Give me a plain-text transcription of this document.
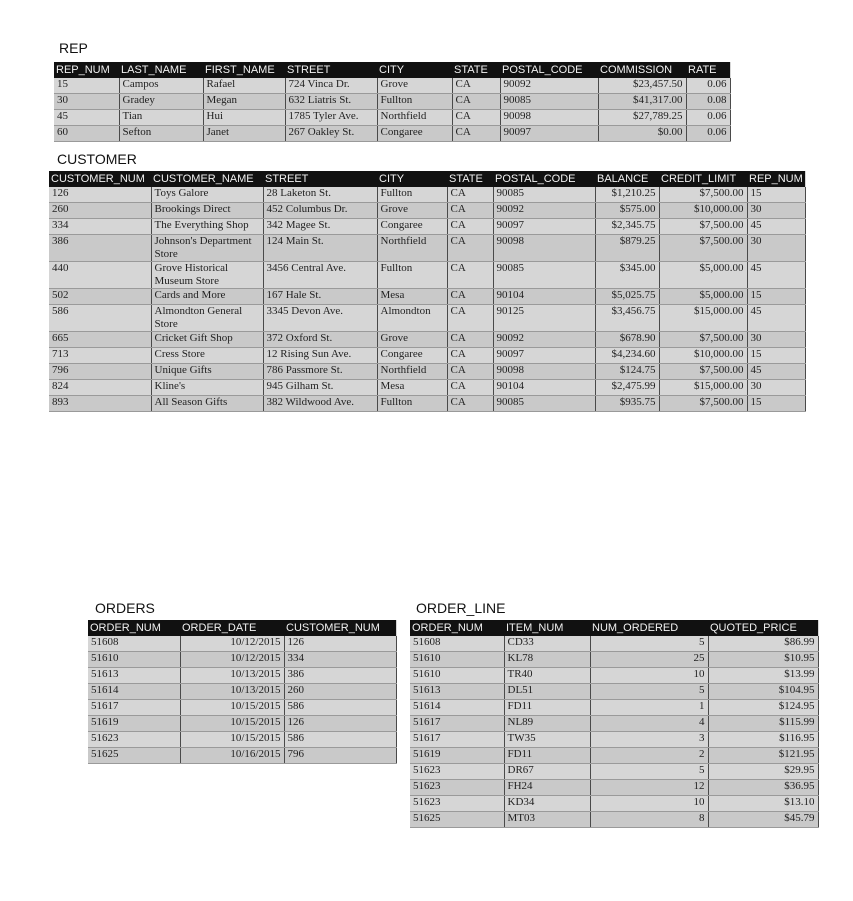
REP
REP_NUM	LAST_NAME	FIRST_NAME	STREET	CITY	STATE	POSTAL_CODE	COMMISSION	RATE
15	Campos	Rafael	724 Vinca Dr.	Grove	CA	90092	$23,457.50	0.06
30	Gradey	Megan	632 Liatris St.	Fullton	CA	90085	$41,317.00	0.08
45	Tian	Hui	1785 Tyler Ave.	Northfield	CA	90098	$27,789.25	0.06
60	Sefton	Janet	267 Oakley St.	Congaree	CA	90097	$0.00	0.06
CUSTOMER
CUSTOMER_NUM	CUSTOMER_NAME	STREET	CITY	STATE	POSTAL_CODE	BALANCE	CREDIT_LIMIT	REP_NUM
126	Toys Galore	28 Laketon St.	Fullton	CA	90085	$1,210.25	$7,500.00	15
260	Brookings Direct	452 Columbus Dr.	Grove	CA	90092	$575.00	$10,000.00	30
334	The Everything Shop	342 Magee St.	Congaree	CA	90097	$2,345.75	$7,500.00	45
386	Johnson's Department Store	124 Main St.	Northfield	CA	90098	$879.25	$7,500.00	30
440	Grove Historical Museum Store	3456 Central Ave.	Fullton	CA	90085	$345.00	$5,000.00	45
502	Cards and More	167 Hale St.	Mesa	CA	90104	$5,025.75	$5,000.00	15
586	Almondton General Store	3345 Devon Ave.	Almondton	CA	90125	$3,456.75	$15,000.00	45
665	Cricket Gift Shop	372 Oxford St.	Grove	CA	90092	$678.90	$7,500.00	30
713	Cress Store	12 Rising Sun Ave.	Congaree	CA	90097	$4,234.60	$10,000.00	15
796	Unique Gifts	786 Passmore St.	Northfield	CA	90098	$124.75	$7,500.00	45
824	Kline's	945 Gilham St.	Mesa	CA	90104	$2,475.99	$15,000.00	30
893	All Season Gifts	382 Wildwood Ave.	Fullton	CA	90085	$935.75	$7,500.00	15
ORDERS
ORDER_NUM	ORDER_DATE	CUSTOMER_NUM
51608	10/12/2015	126
51610	10/12/2015	334
51613	10/13/2015	386
51614	10/13/2015	260
51617	10/15/2015	586
51619	10/15/2015	126
51623	10/15/2015	586
51625	10/16/2015	796
ORDER_LINE
ORDER_NUM	ITEM_NUM	NUM_ORDERED	QUOTED_PRICE
51608	CD33	5	$86.99
51610	KL78	25	$10.95
51610	TR40	10	$13.99
51613	DL51	5	$104.95
51614	FD11	1	$124.95
51617	NL89	4	$115.99
51617	TW35	3	$116.95
51619	FD11	2	$121.95
51623	DR67	5	$29.95
51623	FH24	12	$36.95
51623	KD34	10	$13.10
51625	MT03	8	$45.79
